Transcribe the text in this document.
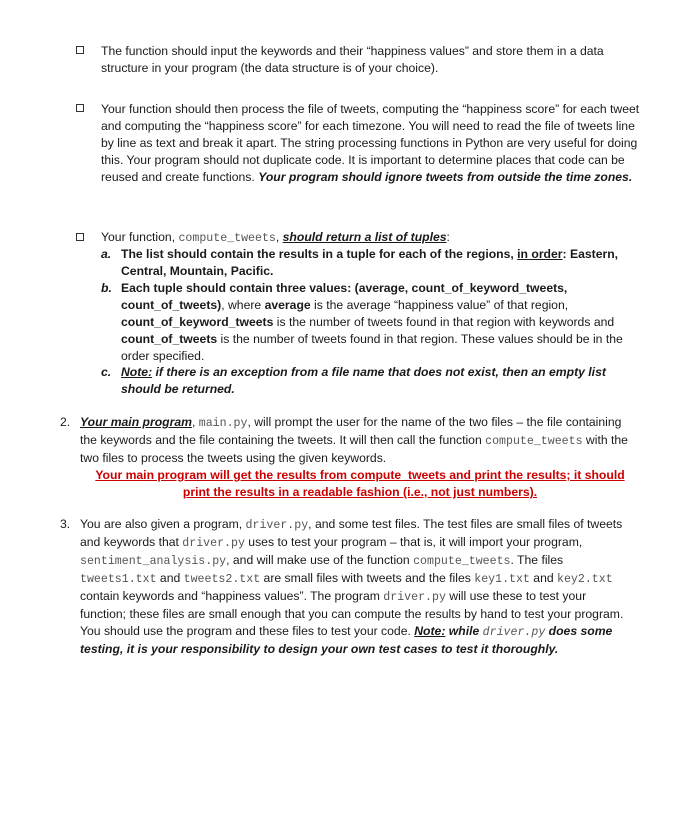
The function should input the keywords and their “happiness values” and store them in a data structure in your program (the data structure is of your choice).
Your function should then process the file of tweets, computing the “happiness score” for each tweet and computing the “happiness score” for each timezone. You will need to read the file of tweets line by line as text and break it apart. The string processing functions in Python are very useful for doing this. Your program should not duplicate code. It is important to determine places that code can be reused and create functions. Your program should ignore tweets from outside the time zones.
Your function, compute_tweets, should return a list of tuples:
a. The list should contain the results in a tuple for each of the regions, in order: Eastern, Central, Mountain, Pacific.
b. Each tuple should contain three values: (average, count_of_keyword_tweets, count_of_tweets), where average is the average “happiness value” of that region, count_of_keyword_tweets is the number of tweets found in that region with keywords and count_of_tweets is the number of tweets found in that region. These values should be in the order specified.
c. Note: if there is an exception from a file name that does not exist, then an empty list should be returned.
2. Your main program, main.py, will prompt the user for the name of the two files – the file containing the keywords and the file containing the tweets. It will then call the function compute_tweets with the two files to process the tweets using the given keywords.
Your main program will get the results from compute_tweets and print the results; it should print the results in a readable fashion (i.e., not just numbers).
3. You are also given a program, driver.py, and some test files. The test files are small files of tweets and keywords that driver.py uses to test your program – that is, it will import your program, sentiment_analysis.py, and will make use of the function compute_tweets. The files tweets1.txt and tweets2.txt are small files with tweets and the files key1.txt and key2.txt contain keywords and “happiness values”. The program driver.py will use these to test your function; these files are small enough that you can compute the results by hand to test your program. You should use the program and these files to test your code. Note: while driver.py does some testing, it is your responsibility to design your own test cases to test it thoroughly.
